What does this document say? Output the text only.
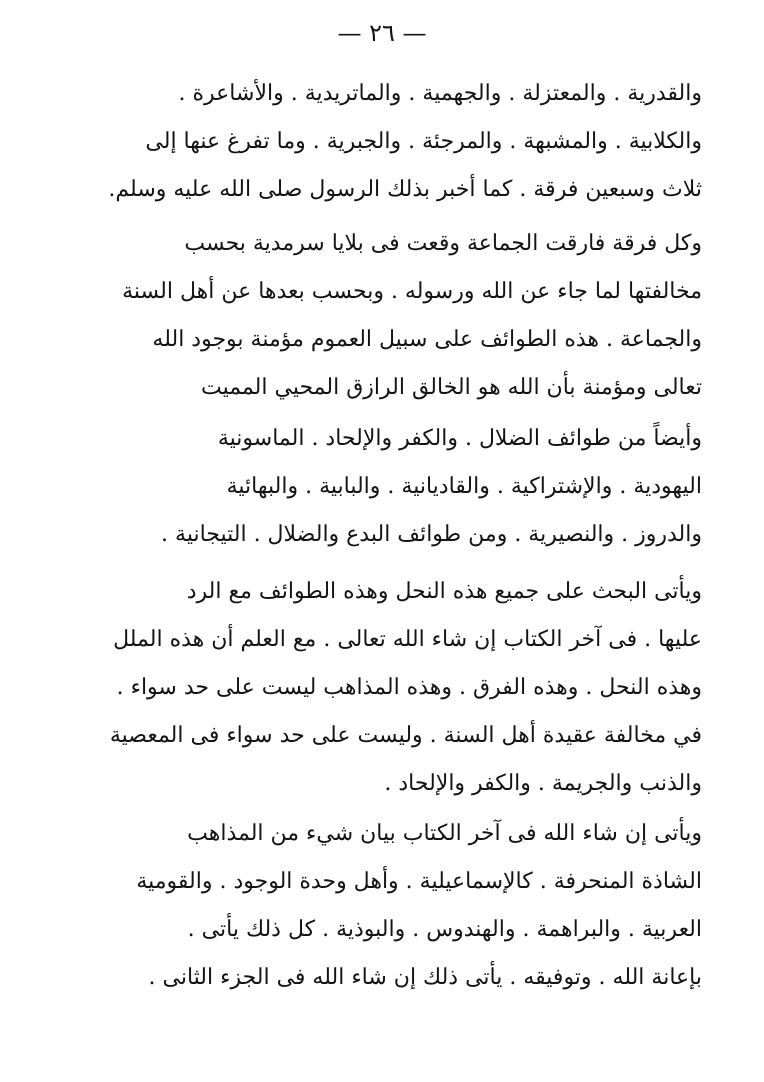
— ٢٦ —
والقدرية . والمعتزلة . والجهمية . والماتريدية . والأشاعرة .
والكلابية . والمشبهة . والمرجئة . والجبرية . وما تفرغ عنها إلى
ثلاث وسبعين فرقة . كما أخبر بذلك الرسول صلى الله عليه وسلم.
وكل فرقة فارقت الجماعة وقعت فى بلايا سرمدية بحسب
مخالفتها لما جاء عن الله ورسوله . وبحسب بعدها عن أهل السنة
والجماعة . هذه الطوائف على سبيل العموم مؤمنة بوجود الله
تعالى ومؤمنة بأن الله هو الخالق الرازق المحيي المميت
وأيضاً من طوائف الضلال . والكفر والإلحاد . الماسونية
اليهودية . والإشتراكية . والقاديانية . والبابية . والبهائية
والدروز . والنصيرية . ومن طوائف البدع والضلال . التيجانية .
ويأتى البحث على جميع هذه النحل وهذه الطوائف مع الرد
عليها . فى آخر الكتاب إن شاء الله تعالى . مع العلم أن هذه الملل
وهذه النحل . وهذه الفرق . وهذه المذاهب ليست على حد سواء .
في مخالفة عقيدة أهل السنة . وليست على حد سواء فى المعصية
والذنب والجريمة . والكفر والإلحاد .
ويأتى إن شاء الله فى آخر الكتاب بيان شيء من المذاهب
الشاذة المنحرفة . كالإسماعيلية . وأهل وحدة الوجود . والقومية
العربية . والبراهمة . والهندوس . والبوذية . كل ذلك يأتى .
بإعانة الله . وتوفيقه . يأتى ذلك إن شاء الله فى الجزء الثانى .
